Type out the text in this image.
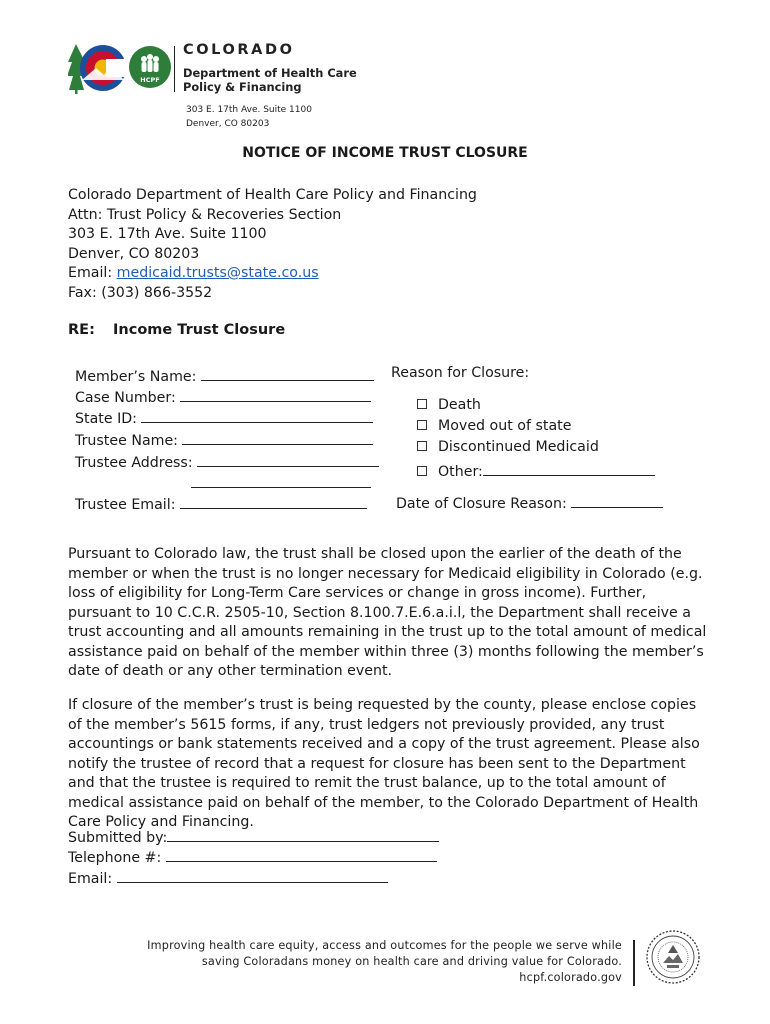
HCPF
COLORADO
Department of Health Care
Policy & Financing
303 E. 17th Ave. Suite 1100
Denver, CO 80203
NOTICE OF INCOME TRUST CLOSURE
Colorado Department of Health Care Policy and Financing
Attn: Trust Policy & Recoveries Section
303 E. 17th Ave. Suite 1100
Denver, CO 80203
Email: medicaid.trusts@state.co.us
Fax: (303) 866-3552
RE: Income Trust Closure
Member’s Name:
Case Number:
State ID:
Trustee Name:
Trustee Address:
Trustee Email:
Reason for Closure:
Death
Moved out of state
Discontinued Medicaid
Other:
Date of Closure Reason:
Pursuant to Colorado law, the trust shall be closed upon the earlier of the death of the member or when the trust is no longer necessary for Medicaid eligibility in Colorado (e.g. loss of eligibility for Long-Term Care services or change in gross income). Further, pursuant to 10 C.C.R. 2505-10, Section 8.100.7.E.6.a.i.l, the Department shall receive a trust accounting and all amounts remaining in the trust up to the total amount of medical assistance paid on behalf of the member within three (3) months following the member’s date of death or any other termination event.
If closure of the member’s trust is being requested by the county, please enclose copies of the member’s 5615 forms, if any, trust ledgers not previously provided, any trust accountings or bank statements received and a copy of the trust agreement. Please also notify the trustee of record that a request for closure has been sent to the Department and that the trustee is required to remit the trust balance, up to the total amount of medical assistance paid on behalf of the member, to the Colorado Department of Health Care Policy and Financing.
Submitted by:
Telephone #:
Email:
Improving health care equity, access and outcomes for the people we serve while
saving Coloradans money on health care and driving value for Colorado.
hcpf.colorado.gov
